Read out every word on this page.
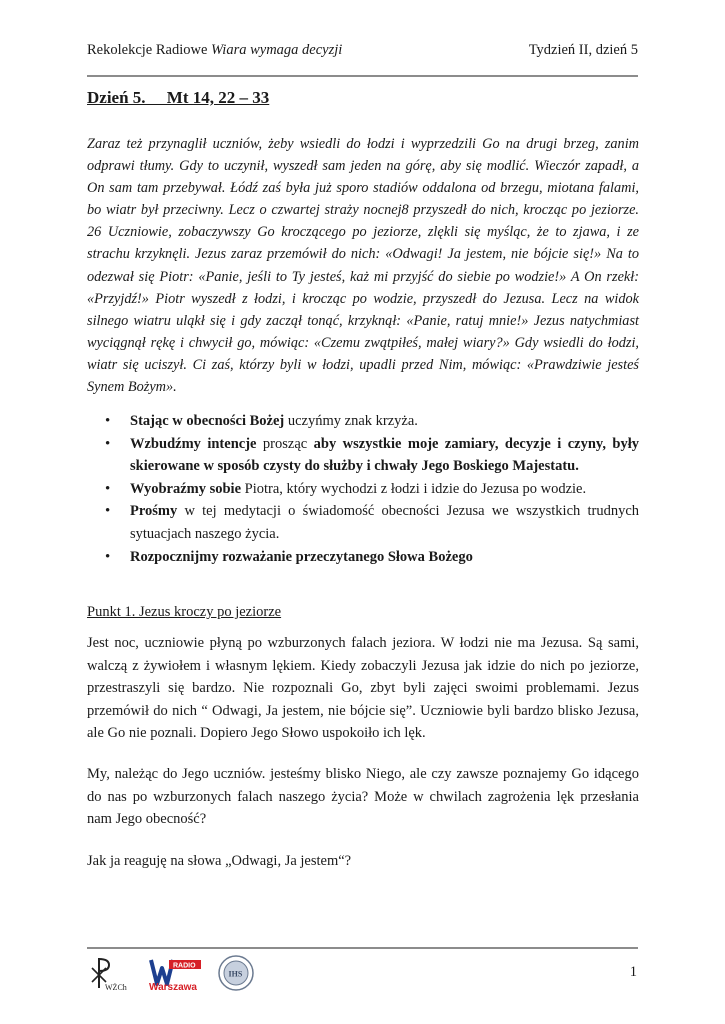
Rekolekcje Radiowe Wiara wymaga decyzji	Tydzień II, dzień 5
Dzień 5.     Mt 14, 22 – 33

Zaraz też przynaglił uczniów, żeby wsiedli do łodzi i wyprzedzili Go na drugi brzeg, zanim odprawi tłumy. Gdy to uczynił, wyszedł sam jeden na górę, aby się modlić. Wieczór zapadł, a On sam tam przebywał. Łódź zaś była już sporo stadiów oddalona od brzegu, miotana falami, bo wiatr był przeciwny. Lecz o czwartej straży nocnej8 przyszedł do nich, krocząc po jeziorze. 26 Uczniowie, zobaczywszy Go kroczącego po jeziorze, zlękli się myśląc, że to zjawa, i ze strachu krzyknęli. Jezus zaraz przemówił do nich: «Odwagi! Ja jestem, nie bójcie się!» Na to odezwał się Piotr: «Panie, jeśli to Ty jesteś, każ mi przyjść do siebie po wodzie!» A On rzekł: «Przyjdź!» Piotr wyszedł z łodzi, i krocząc po wodzie, przyszedł do Jezusa. Lecz na widok silnego wiatru uląkł się i gdy zaczął tonąć, krzyknął: «Panie, ratuj mnie!» Jezus natychmiast wyciągnął rękę i chwycił go, mówiąc: «Czemu zwątpiłeś, małej wiary?» Gdy wsiedli do łodzi, wiatr się uciszył. Ci zaś, którzy byli w łodzi, upadli przed Nim, mówiąc: «Prawdziwie jesteś Synem Bożym».

• Stając w obecności Bożej uczyńmy znak krzyża.
• Wzbudźmy intencje prosząc aby wszystkie moje zamiary, decyzje i czyny, były skierowane w sposób czysty do służby i chwały Jego Boskiego Majestatu.
• Wyobraźmy sobie Piotra, który wychodzi z łodzi i idzie do Jezusa po wodzie.
• Prośmy w tej medytacji o świadomość obecności Jezusa we wszystkich trudnych sytuacjach naszego życia.
• Rozpocznijmy rozważanie przeczytanego Słowa Bożego
Punkt 1. Jezus kroczy po jeziorze

Jest noc, uczniowie płyną po wzburzonych falach jeziora. W łodzi nie ma Jezusa. Są sami, walczą z żywiołem i własnym lękiem. Kiedy zobaczyli Jezusa jak idzie do nich po jeziorze, przestraszyli się bardzo. Nie rozpoznali Go, zbyt byli zajęci swoimi problemami. Jezus przemówił do nich “ Odwagi, Ja jestem, nie bójcie się”. Uczniowie byli bardzo blisko Jezusa, ale Go nie poznali. Dopiero Jego Słowo uspokoiło ich lęk.

My, należąc do Jego uczniów. jesteśmy blisko Niego, ale czy zawsze poznajemy Go idącego do nas po wzburzonych falach naszego życia? Może w chwilach zagrożenia lęk przesłania nam Jego obecność?

Jak ja reaguję na słowa „Odwagi, Ja jestem“?

WŻCh
RADIO
Warszawa
IHS	1
